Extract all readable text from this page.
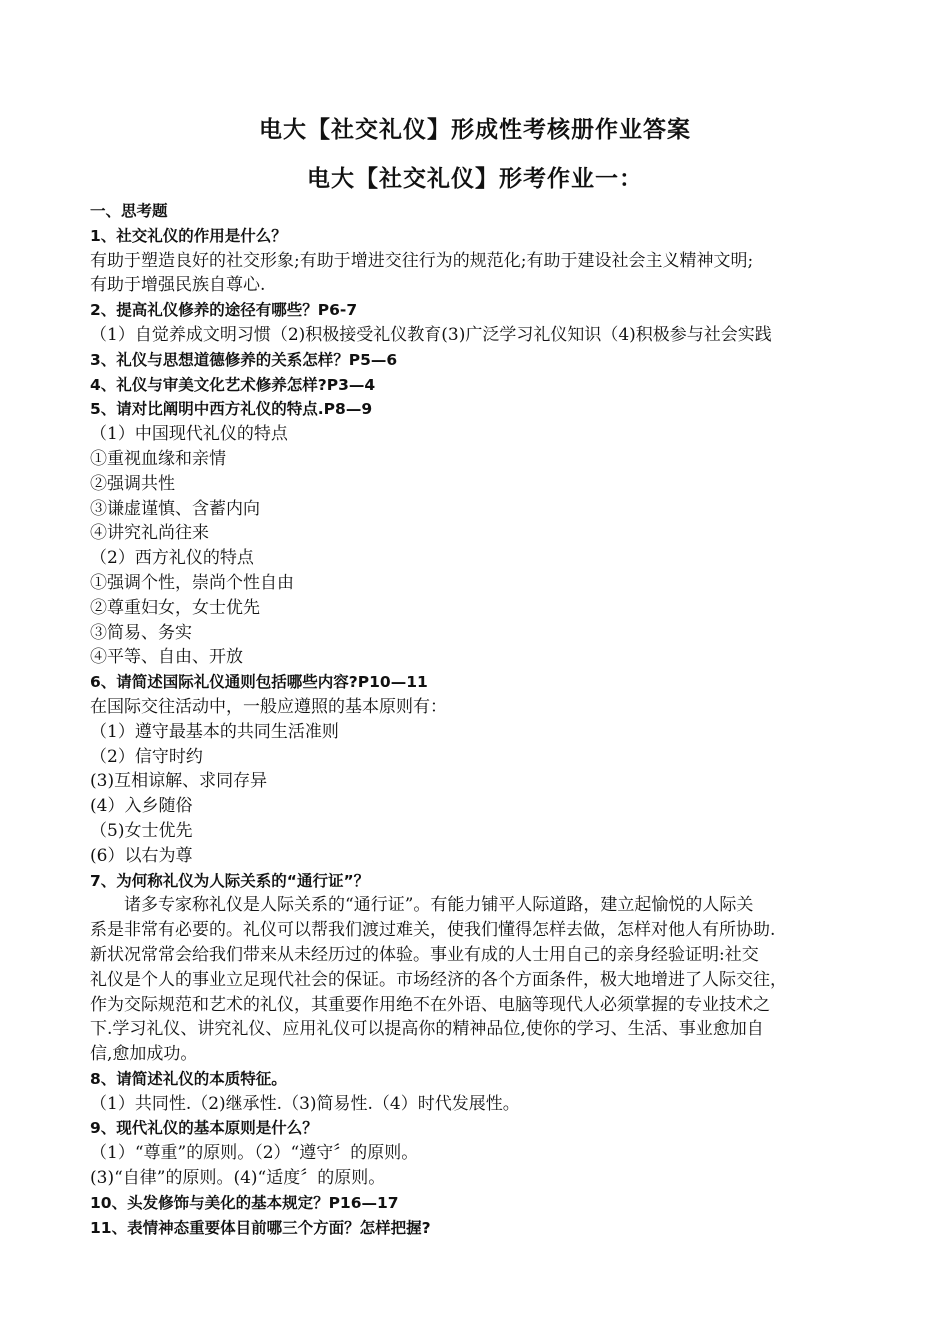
电大【社交礼仪】形成性考核册作业答案
电大【社交礼仪】形考作业一：
一、思考题
1、社交礼仪的作用是什么？
有助于塑造良好的社交形象;有助于增进交往行为的规范化;有助于建设社会主义精神文明;
有助于增强民族自尊心.
2、提高礼仪修养的途径有哪些？P6-7
（1）自觉养成文明习惯（2)积极接受礼仪教育(3)广泛学习礼仪知识（4)积极参与社会实践
3、礼仪与思想道德修养的关系怎样？P5—6
4、礼仪与审美文化艺术修养怎样?P3—4
5、请对比阐明中西方礼仪的特点.P8—9
（1）中国现代礼仪的特点
①重视血缘和亲情
②强调共性
③谦虚谨慎、含蓄内向
④讲究礼尚往来
（2）西方礼仪的特点
①强调个性，崇尚个性自由
②尊重妇女，女士优先
③简易、务实
④平等、自由、开放
6、请简述国际礼仪通则包括哪些内容?P10—11
在国际交往活动中，一般应遵照的基本原则有：
（1）遵守最基本的共同生活准则
（2）信守时约
(3)互相谅解、求同存异
(4）入乡随俗
（5)女士优先
(6）以右为尊
7、为何称礼仪为人际关系的“通行证”？
　　诸多专家称礼仪是人际关系的“通行证”。有能力铺平人际道路，建立起愉悦的人际关
系是非常有必要的。礼仪可以帮我们渡过难关，使我们懂得怎样去做，怎样对他人有所协助.
新状况常常会给我们带来从未经历过的体验。事业有成的人士用自己的亲身经验证明:社交
礼仪是个人的事业立足现代社会的保证。市场经济的各个方面条件，极大地增进了人际交往，
作为交际规范和艺术的礼仪，其重要作用绝不在外语、电脑等现代人必须掌握的专业技术之
下.学习礼仪、讲究礼仪、应用礼仪可以提高你的精神品位,使你的学习、生活、事业愈加自
信,愈加成功。
8、请简述礼仪的本质特征。
（1）共同性.（2)继承性.（3)简易性.（4）时代发展性。
9、现代礼仪的基本原则是什么？
（1）“尊重”的原则。（2）“遵守〞的原则。
(3)“自律”的原则。(4)“适度〞的原则。
10、头发修饰与美化的基本规定？P16—17
11、表情神态重要体目前哪三个方面？怎样把握?
